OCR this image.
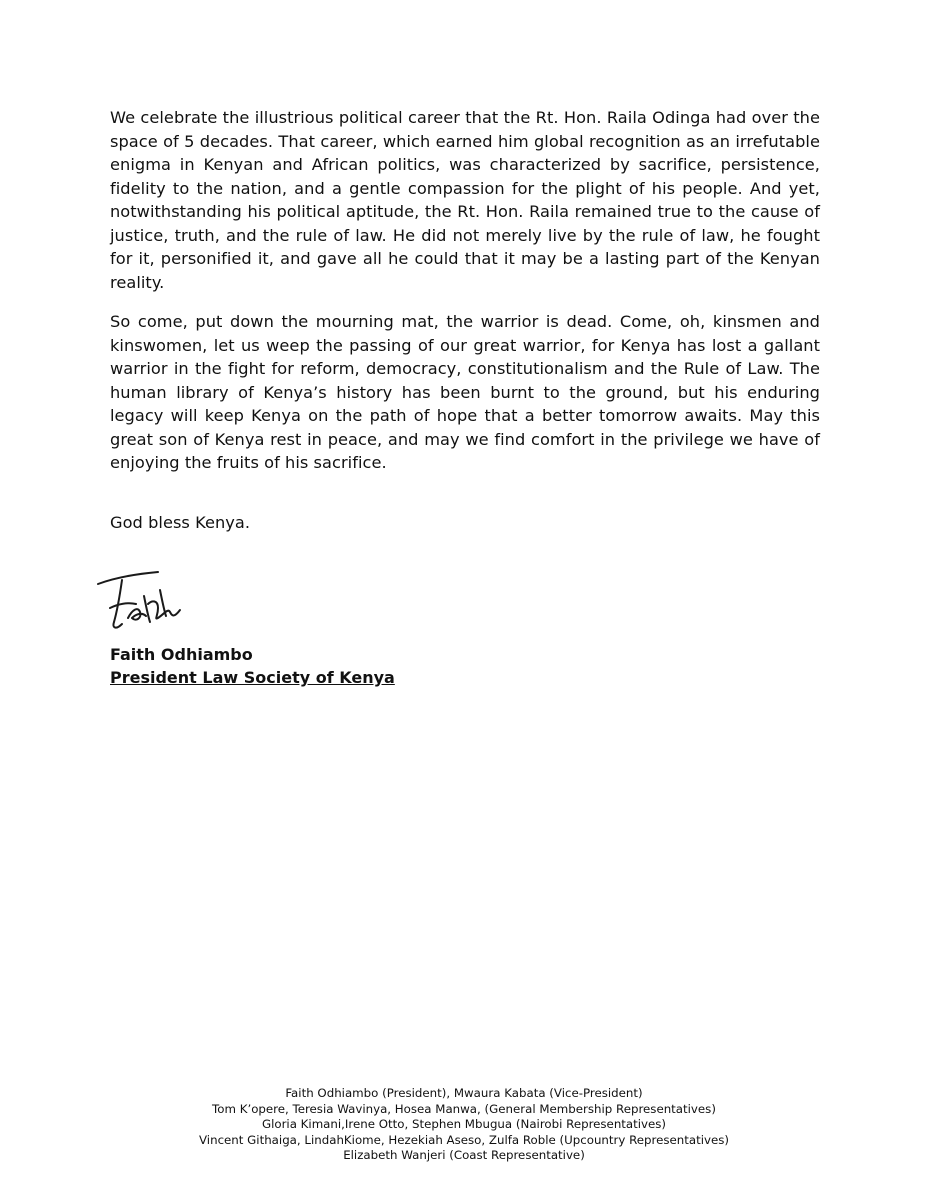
We celebrate the illustrious political career that the Rt. Hon. Raila Odinga had over the space of 5 decades. That career, which earned him global recognition as an irrefutable enigma in Kenyan and African politics, was characterized by sacrifice, persistence, fidelity to the nation, and a gentle compassion for the plight of his people. And yet, notwithstanding his political aptitude, the Rt. Hon. Raila remained true to the cause of justice, truth, and the rule of law. He did not merely live by the rule of law, he fought for it, personified it, and gave all he could that it may be a lasting part of the Kenyan reality.

So come, put down the mourning mat, the warrior is dead. Come, oh, kinsmen and kinswomen, let us weep the passing of our great warrior, for Kenya has lost a gallant warrior in the fight for reform, democracy, constitutionalism and the Rule of Law. The human library of Kenya’s history has been burnt to the ground, but his enduring legacy will keep Kenya on the path of hope that a better tomorrow awaits. May this great son of Kenya rest in peace, and may we find comfort in the privilege we have of enjoying the fruits of his sacrifice.

God bless Kenya.

Faith Odhiambo

President Law Society of Kenya

Faith Odhiambo (President), Mwaura Kabata (Vice-President)
Tom K’opere, Teresia Wavinya, Hosea Manwa, (General Membership Representatives)
Gloria Kimani,Irene Otto, Stephen Mbugua (Nairobi Representatives)
Vincent Githaiga, LindahKiome, Hezekiah Aseso, Zulfa Roble (Upcountry Representatives)
Elizabeth Wanjeri (Coast Representative)
